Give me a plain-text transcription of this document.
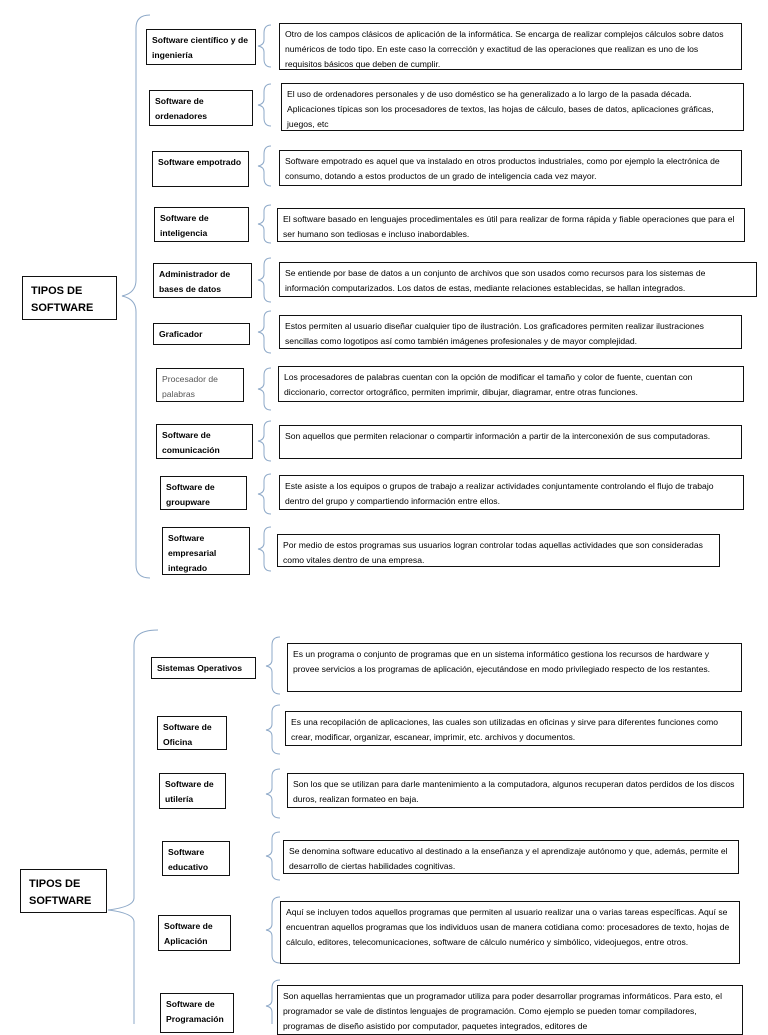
TIPOS DE SOFTWARE
Software científico y de ingeniería
Otro de los campos clásicos de aplicación de la informática. Se encarga de realizar complejos cálculos sobre datos numéricos de todo tipo. En este caso la corrección y exactitud de las operaciones que realizan es uno de los requisitos básicos que deben de cumplir.
Software de ordenadores
El uso de ordenadores personales y de uso doméstico se ha generalizado a lo largo de la pasada década. Aplicaciones típicas son los procesadores de textos, las hojas de cálculo, bases de datos, aplicaciones gráficas, juegos, etc
Software empotrado	Software empotrado es aquel que va instalado en otros productos industriales, como por ejemplo la electrónica de consumo, dotando a estos productos de un grado de inteligencia cada vez mayor.
Software de inteligencia
El software basado en lenguajes procedimentales es útil para realizar de forma rápida y fiable operaciones que para el ser humano son tediosas e incluso inabordables.
Administrador de bases de datos
Se entiende por base de datos a un conjunto de archivos que son usados como recursos para los sistemas de información computarizados. Los datos de estas, mediante relaciones establecidas, se hallan integrados.
Graficador
Estos permiten al usuario diseñar cualquier tipo de ilustración. Los graficadores permiten realizar ilustraciones sencillas como logotipos así como también imágenes profesionales y de mayor complejidad.
Procesador de palabras
Los procesadores de palabras cuentan con la opción de modificar el tamaño y color de fuente, cuentan con diccionario, corrector ortográfico, permiten imprimir, dibujar, diagramar, entre otras funciones.
Software de comunicación
Son aquellos que permiten relacionar o compartir información a partir de la interconexión de sus computadoras.
Software de groupware
Este asiste a los equipos o grupos de trabajo a realizar actividades conjuntamente controlando el flujo de trabajo dentro del grupo y compartiendo información entre ellos.
Software empresarial integrado
Por medio de estos programas sus usuarios logran controlar todas aquellas actividades que son consideradas como vitales dentro de una empresa.
TIPOS DE SOFTWARE
Sistemas Operativos
Es un programa o conjunto de programas que en un sistema informático gestiona los recursos de hardware y provee servicios a los programas de aplicación, ejecutándose en modo privilegiado respecto de los restantes.
Software de Oficina
Es una recopilación de aplicaciones, las cuales son utilizadas en oficinas y sirve para diferentes funciones como crear, modificar, organizar, escanear, imprimir, etc. archivos y documentos.
Software de utilería
Son los que se utilizan para darle mantenimiento a la computadora, algunos recuperan datos perdidos de los discos duros, realizan formateo en baja.
Software educativo
Se denomina software educativo al destinado a la enseñanza y el aprendizaje autónomo y que, además, permite el desarrollo de ciertas habilidades cognitivas.
Software de Aplicación
Aquí se incluyen todos aquellos programas que permiten al usuario realizar una o varias tareas específicas. Aquí se encuentran aquellos programas que los individuos usan de manera cotidiana como: procesadores de texto, hojas de cálculo, editores, telecomunicaciones, software de cálculo numérico y simbólico, videojuegos, entre otros.
Software de Programación
Son aquellas herramientas que un programador utiliza para poder desarrollar programas informáticos. Para esto, el programador se vale de distintos lenguajes de programación. Como ejemplo se pueden tomar compiladores, programas de diseño asistido por computador, paquetes integrados, editores de
